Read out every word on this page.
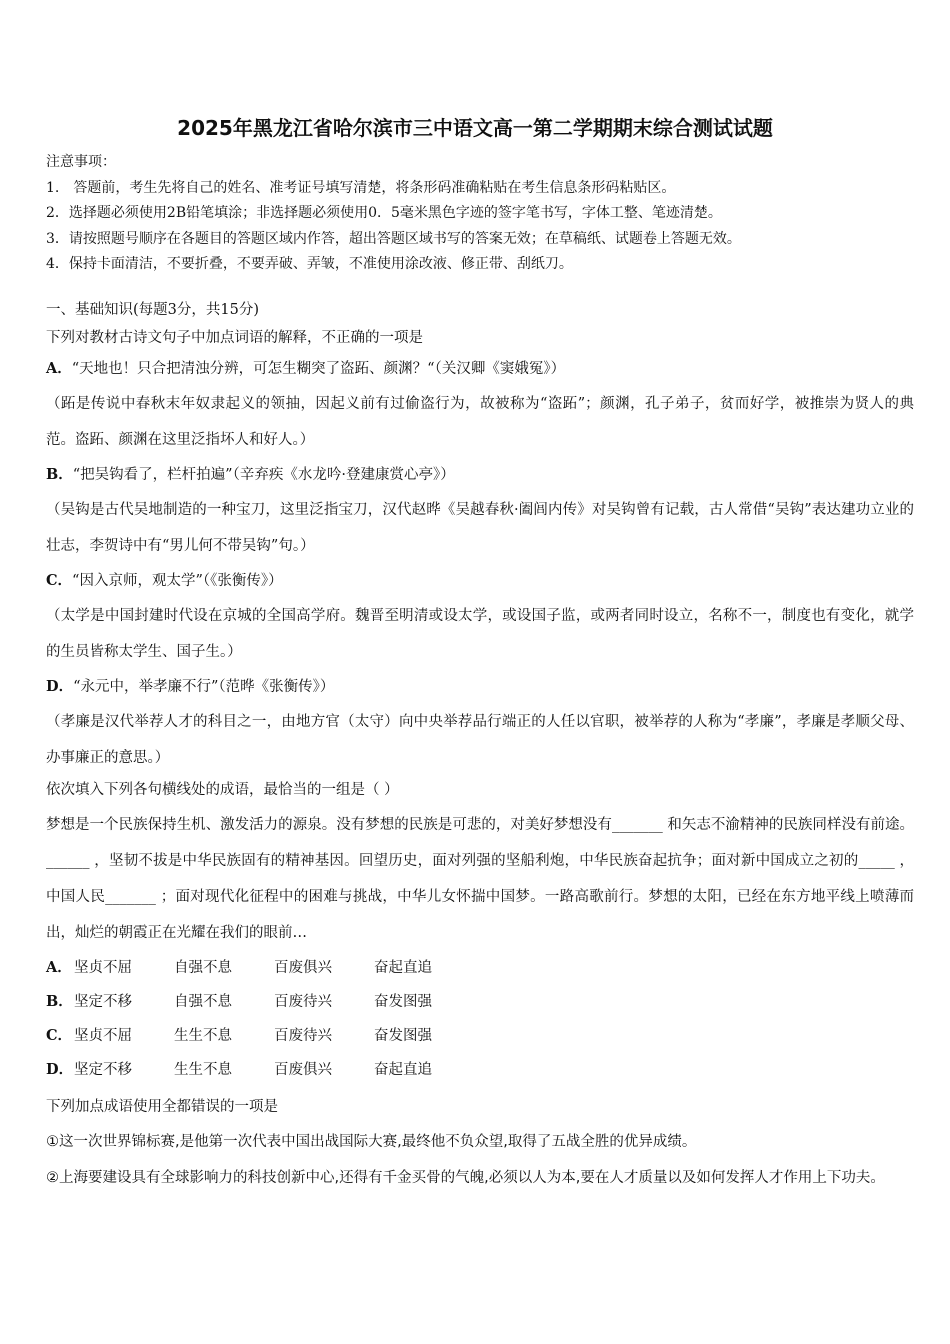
2025年黑龙江省哈尔滨市三中语文高一第二学期期末综合测试试题
注意事项：
1.　答题前，考生先将自己的姓名、准考证号填写清楚，将条形码准确粘贴在考生信息条形码粘贴区。
2．选择题必须使用2B铅笔填涂；非选择题必须使用0．5毫米黑色字迹的签字笔书写，字体工整、笔迹清楚。
3．请按照题号顺序在各题目的答题区域内作答，超出答题区域书写的答案无效；在草稿纸、试题卷上答题无效。
4．保持卡面清洁，不要折叠，不要弄破、弄皱，不准使用涂改液、修正带、刮纸刀。
一、基础知识(每题3分，共15分)
下列对教材古诗文句子中加点词语的解释，不正确的一项是
A．“天地也！只合把清浊分辨，可怎生糊突了盗跖、颜渊？“（关汉卿《窦娥冤》）
（跖是传说中春秋末年奴隶起义的领抽，因起义前有过偷盗行为，故被称为“盗跖”；颜渊，孔子弟子，贫而好学，被推崇为贤人的典范。盗跖、颜渊在这里泛指坏人和好人。）
B．“把吴钩看了，栏杆拍遍”（辛弃疾《水龙吟·登建康赏心亭》）
（吴钩是古代吴地制造的一种宝刀，这里泛指宝刀，汉代赵晔《吴越春秋·阖闾内传》对吴钩曾有记载，古人常借“吴钩”表达建功立业的壮志，李贺诗中有“男儿何不带吴钩”句。）
C．“因入京师，观太学”（《张衡传》）
（太学是中国封建时代设在京城的全国高学府。魏晋至明清或设太学，或设国子监，或两者同时设立，名称不一，制度也有变化，就学的生员皆称太学生、国子生。）
D．“永元中，举孝廉不行”（范晔《张衡传》）
（孝廉是汉代举荐人才的科目之一，由地方官（太守）向中央举荐品行端正的人任以官职，被举荐的人称为“孝廉”，孝廉是孝顺父母、办事廉正的意思。）
依次填入下列各句横线处的成语，最恰当的一组是（ ）
梦想是一个民族保持生机、激发活力的源泉。没有梦想的民族是可悲的，对美好梦想没有_______ 和矢志不渝精神的民族同样没有前途。______ ，坚韧不拔是中华民族固有的精神基因。回望历史，面对列强的坚船利炮，中华民族奋起抗争；面对新中国成立之初的_____ ，中国人民_______ ；面对现代化征程中的困难与挑战，中华儿女怀揣中国梦。一路高歌前行。梦想的太阳，已经在东方地平线上喷薄而出，灿烂的朝霞正在光耀在我们的眼前…
A． 坚贞不屈	自强不息	百废俱兴	奋起直追
B．坚定不移	自强不息	百废待兴	奋发图强
C． 坚贞不屈	生生不息	百废待兴	奋发图强
D．坚定不移	生生不息	百废俱兴	奋起直追
下列加点成语使用全都错误的一项是
①这一次世界锦标赛,是他第一次代表中国出战国际大赛,最终他不负众望,取得了五战全胜的优异成绩。
②上海要建设具有全球影响力的科技创新中心,还得有千金买骨的气魄,必须以人为本,要在人才质量以及如何发挥人才作用上下功夫。
